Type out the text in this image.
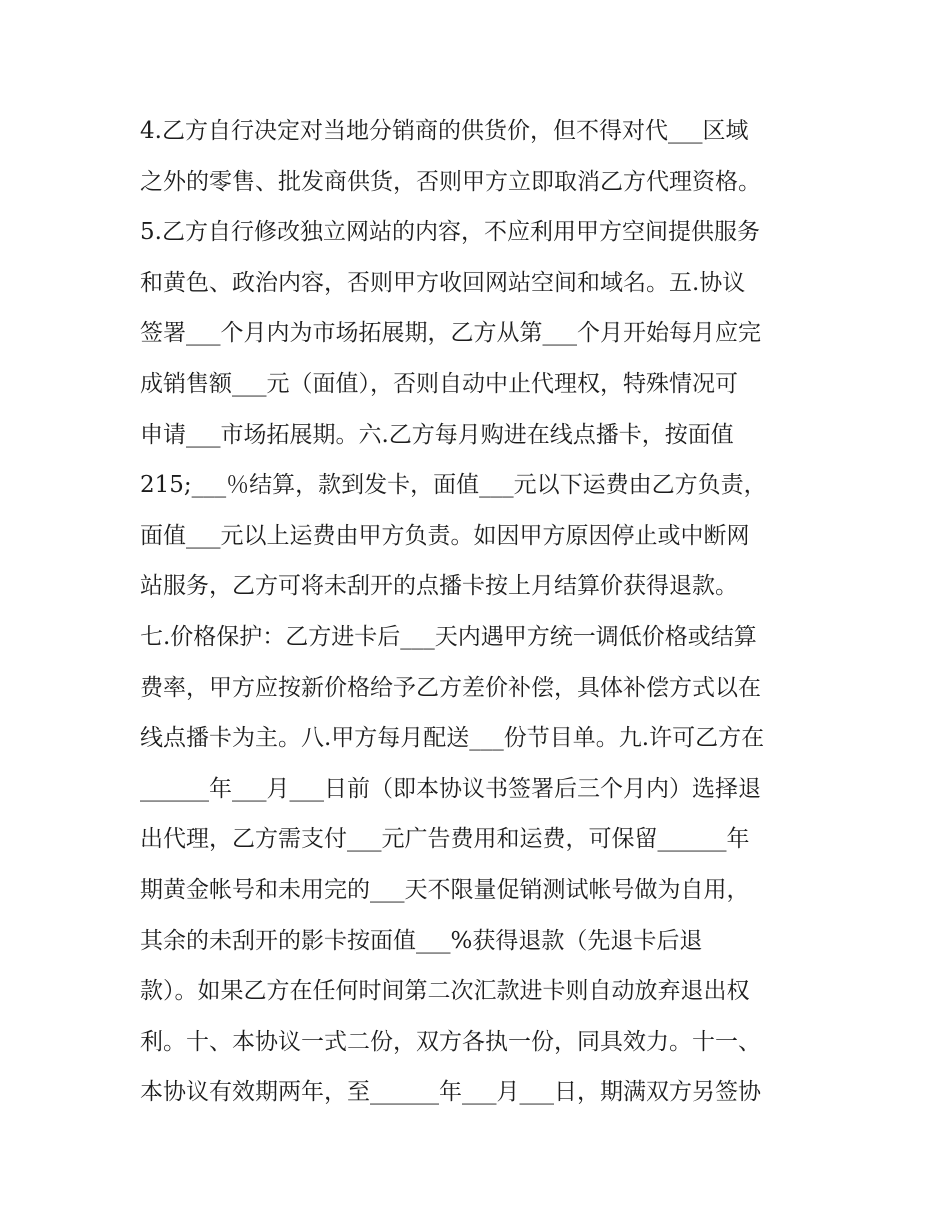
4.乙方自行决定对当地分销商的供货价，但不得对代___区域
之外的零售、批发商供货，否则甲方立即取消乙方代理资格。
5.乙方自行修改独立网站的内容，不应利用甲方空间提供服务
和黄色、政治内容，否则甲方收回网站空间和域名。五.协议
签署___个月内为市场拓展期，乙方从第___个月开始每月应完
成销售额___元（面值），否则自动中止代理权，特殊情况可
申请___市场拓展期。六.乙方每月购进在线点播卡，按面值
215;___％结算，款到发卡，面值___元以下运费由乙方负责，
面值___元以上运费由甲方负责。如因甲方原因停止或中断网
站服务，乙方可将未刮开的点播卡按上月结算价获得退款。
七.价格保护：乙方进卡后___天内遇甲方统一调低价格或结算
费率，甲方应按新价格给予乙方差价补偿，具体补偿方式以在
线点播卡为主。八.甲方每月配送___份节目单。九.许可乙方在
______年___月___日前（即本协议书签署后三个月内）选择退
出代理，乙方需支付___元广告费用和运费，可保留______年
期黄金帐号和未用完的___天不限量促销测试帐号做为自用，
其余的未刮开的影卡按面值___%获得退款（先退卡后退
款）。如果乙方在任何时间第二次汇款进卡则自动放弃退出权
利。十、本协议一式二份，双方各执一份，同具效力。十一、
本协议有效期两年，至______年___月___日，期满双方另签协
